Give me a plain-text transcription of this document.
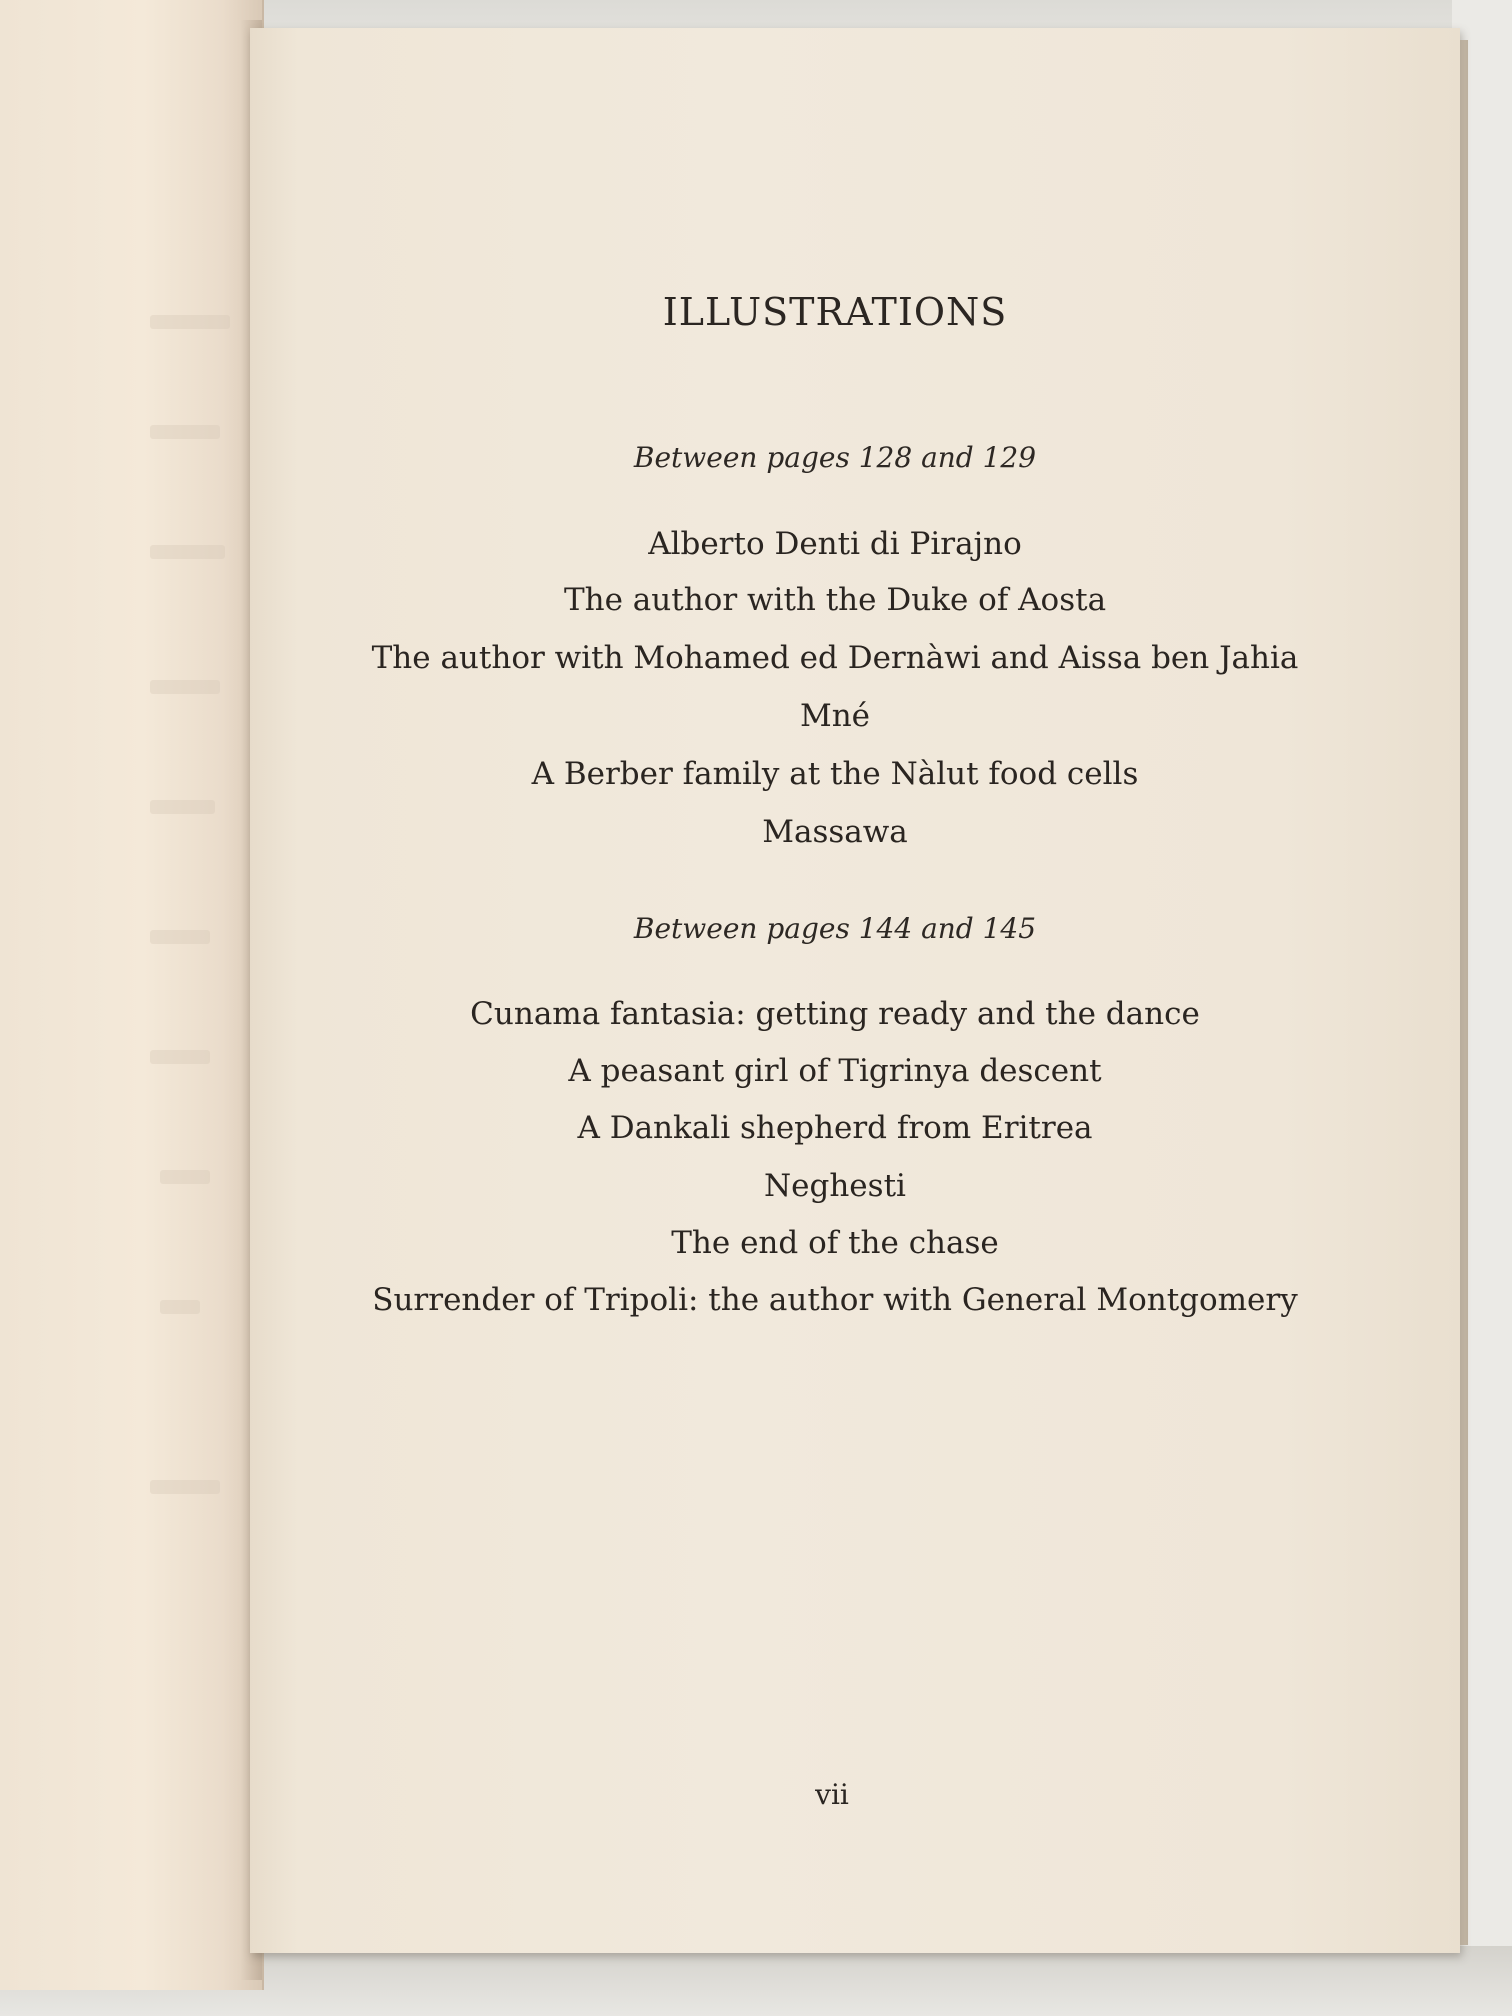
ILLUSTRATIONS
Between pages 128 and 129
Alberto Denti di Pirajno
The author with the Duke of Aosta
The author with Mohamed ed Dernàwi and Aissa ben Jahia
Mné
A Berber family at the Nàlut food cells
Massawa
Between pages 144 and 145
Cunama fantasia: getting ready and the dance
A peasant girl of Tigrinya descent
A Dankali shepherd from Eritrea
Neghesti
The end of the chase
Surrender of Tripoli: the author with General Montgomery
vii
